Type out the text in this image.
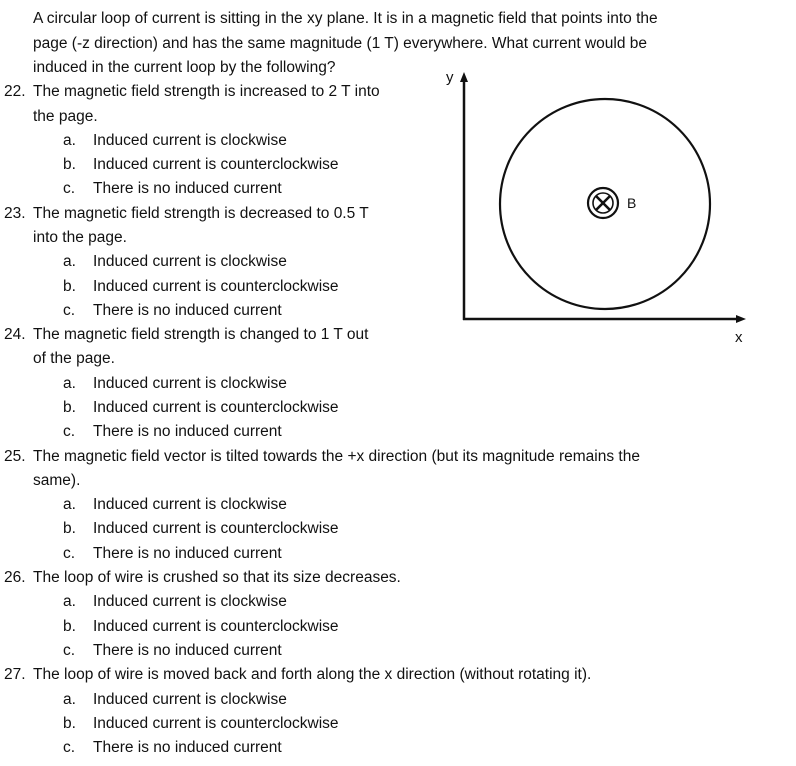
A circular loop of current is sitting in the xy plane. It is in a magnetic field that points into the
page (-z direction) and has the same magnitude (1 T) everywhere. What current would be
induced in the current loop by the following?
22. The magnetic field strength is increased to 2 T into
the page.
a. Induced current is clockwise
b. Induced current is counterclockwise
c. There is no induced current
23. The magnetic field strength is decreased to 0.5 T
into the page.
a. Induced current is clockwise
b. Induced current is counterclockwise
c. There is no induced current
24. The magnetic field strength is changed to 1 T out
of the page.
a. Induced current is clockwise
b. Induced current is counterclockwise
c. There is no induced current
25. The magnetic field vector is tilted towards the +x direction (but its magnitude remains the
same).
a. Induced current is clockwise
b. Induced current is counterclockwise
c. There is no induced current
26. The loop of wire is crushed so that its size decreases.
a. Induced current is clockwise
b. Induced current is counterclockwise
c. There is no induced current
27. The loop of wire is moved back and forth along the x direction (without rotating it).
a. Induced current is clockwise
b. Induced current is counterclockwise
c. There is no induced current
y
x
B
